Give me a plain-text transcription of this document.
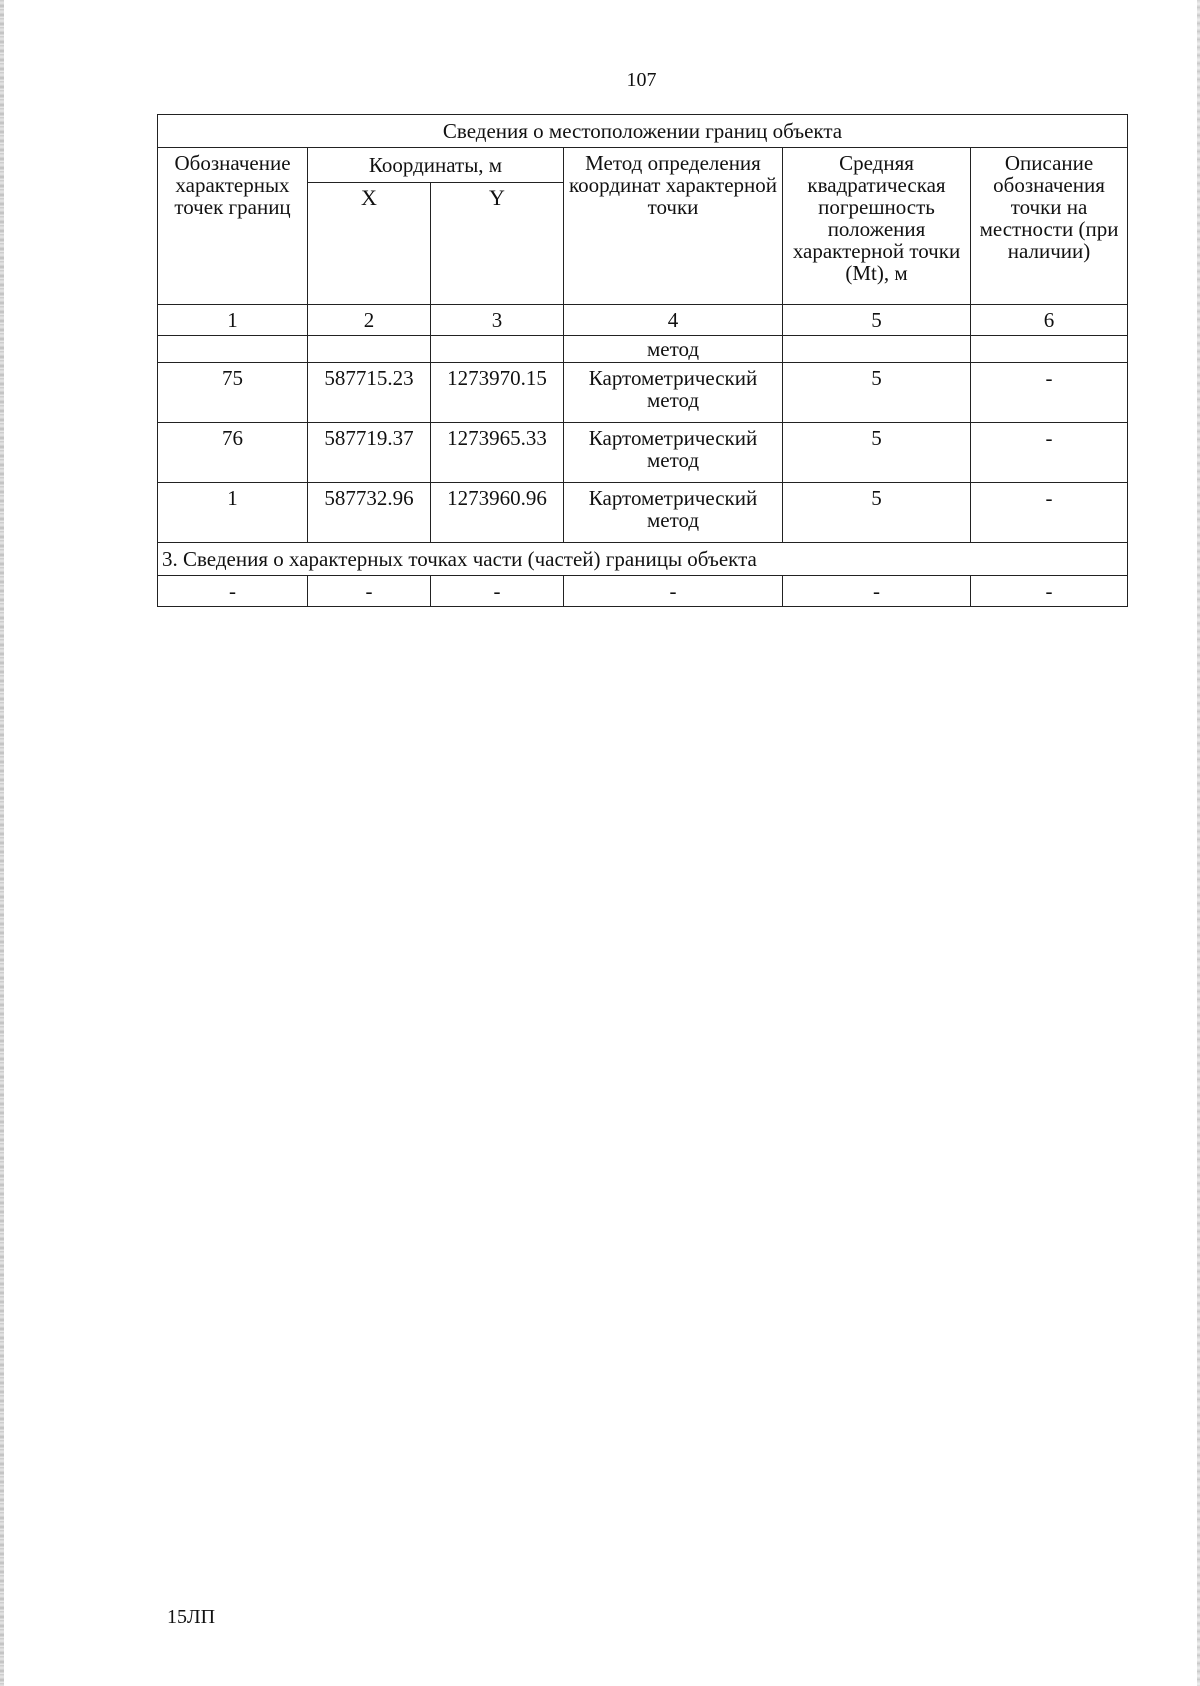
107
Сведения о местоположении границ объекта					
Обозначение характерных точек границ	Координаты, м		Метод определения координат характерной точки	Средняя квадратическая погрешность положения характерной точки (Mt), м	Описание обозначения точки на местности (при наличии)
	X	Y			
1	2	3	4	5	6
			метод		
75	587715.23	1273970.15	Картометрический метод	5	-
76	587719.37	1273965.33	Картометрический метод	5	-
1	587732.96	1273960.96	Картометрический метод	5	-
3. Сведения о характерных точках части (частей) границы объекта					
-	-	-	-	-	-
15ЛП
